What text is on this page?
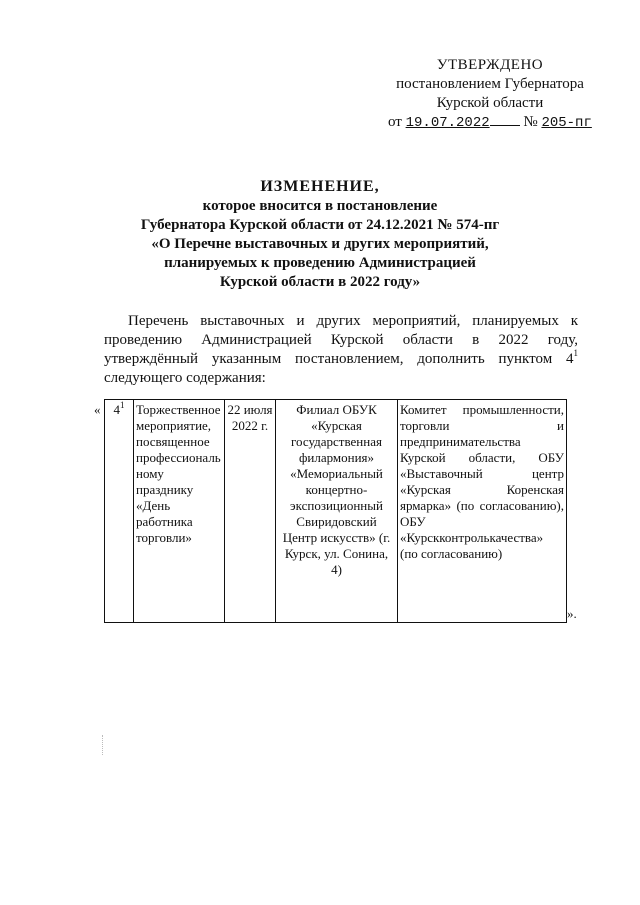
УТВЕРЖДЕНО
постановлением Губернатора
Курской области
от 19.07.2022 № 205-пг
ИЗМЕНЕНИЕ,
которое вносится в постановление
Губернатора Курской области от 24.12.2021 № 574-пг
«О Перечне выставочных и других мероприятий,
планируемых к проведению Администрацией
Курской области в 2022 году»
Перечень выставочных и других мероприятий, планируемых к проведению Администрацией Курской области в 2022 году, утверждённый указанным постановлением, дополнить пунктом $4^1$ следующего содержания:
« $4^1$	Торжественное мероприятие, посвященное профессиональ ному празднику «День работника торговли»	22 июля 2022 г.	Филиал ОБУК «Курская государственная филармония» «Мемориальный концертно-экспозиционный Свиридовский Центр искусств» (г. Курск, ул. Сонина, 4)	Комитет промышленности, торговли и предпринимательства Курской области, ОБУ «Выставочный центр «Курская Коренская ярмарка» (по согласованию), ОБУ «Курскконтролькачества» (по согласованию)
».
